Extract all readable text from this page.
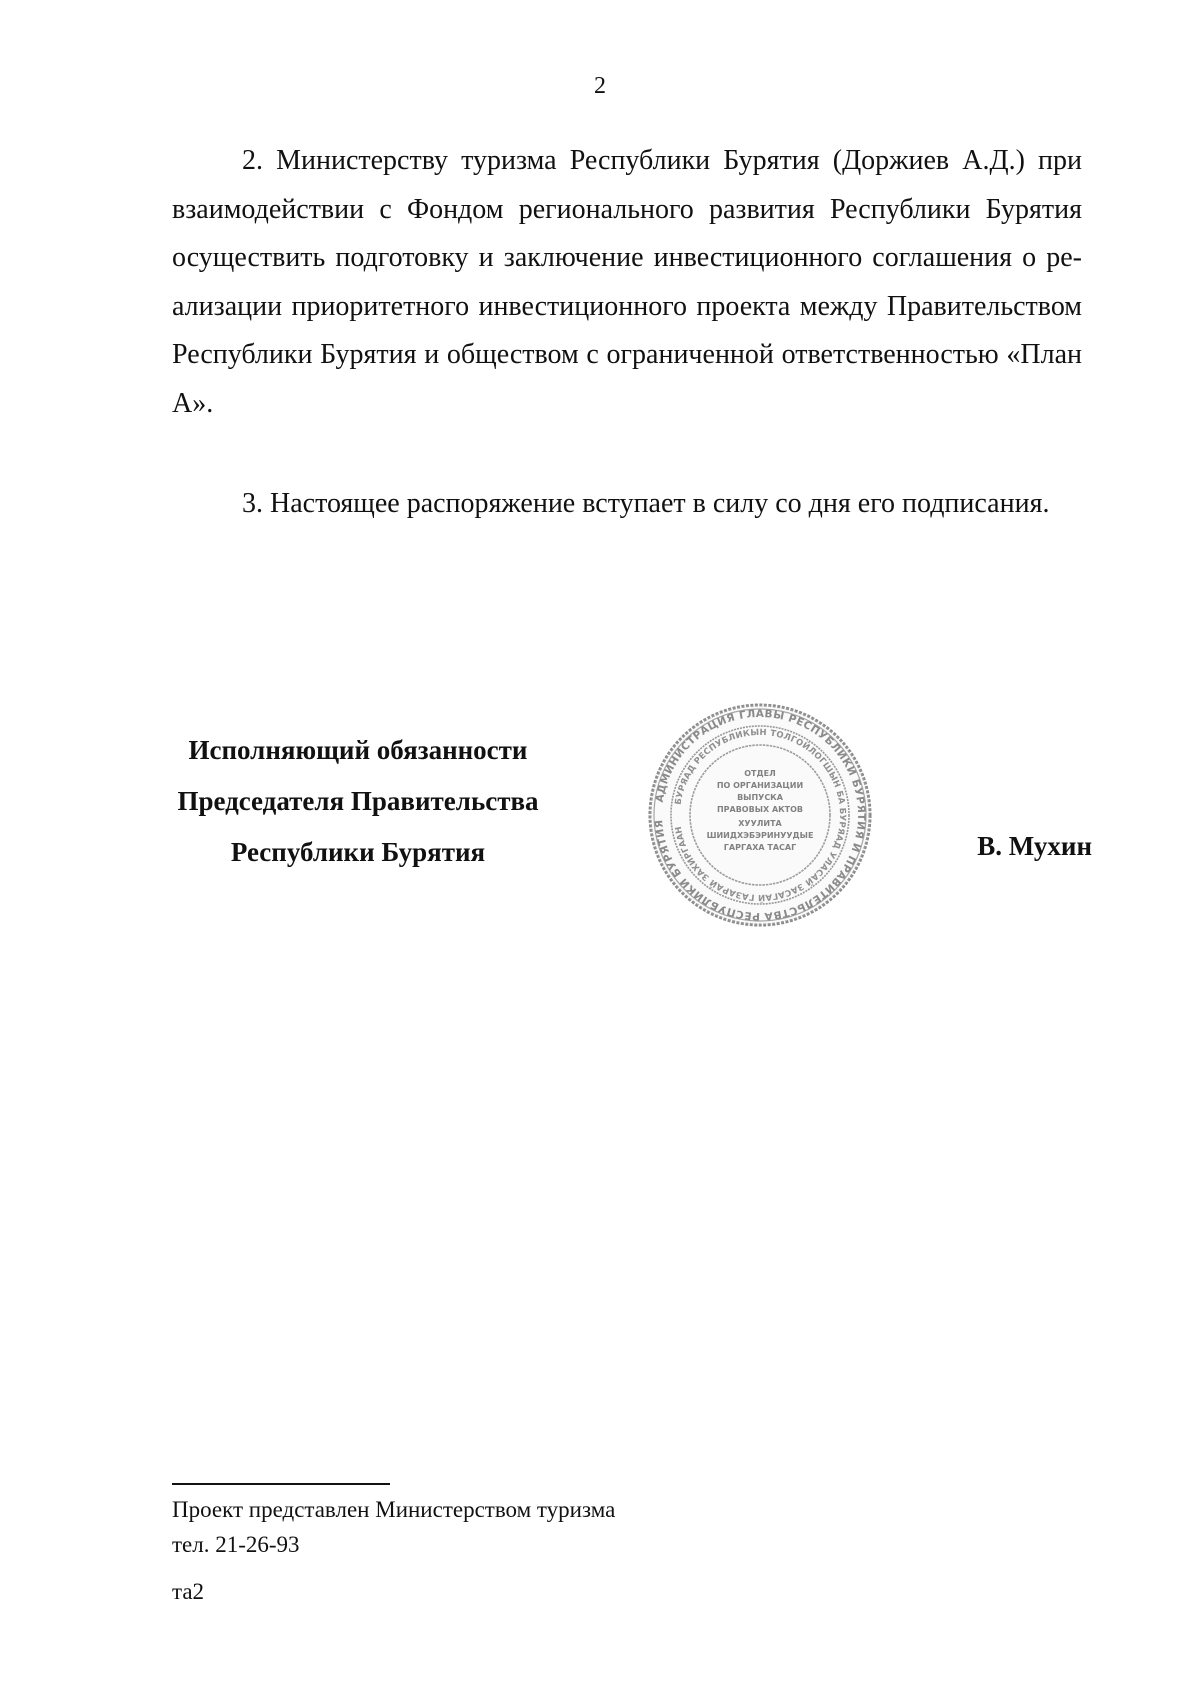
2

2. Министерству туризма Республики Бурятия (Доржиев А.Д.) при взаимодействии с Фондом регионального развития Республики Бурятия осуществить подготовку и заключение инвестиционного соглашения о реализации приоритетного инвестиционного проекта между Правительством Республики Бурятия и обществом с ограниченной ответственностью «План А».

3. Настоящее распоряжение вступает в силу со дня его подписания.

Исполняющий обязанности
Председателя Правительства
Республики Бурятия
АДМИНИСТРАЦИЯ ГЛАВЫ РЕСПУБЛИКИ БУРЯТИЯ И ПРАВИТЕЛЬСТВА РЕСПУБЛИКИ БУРЯТИЯ
БУРЯАД РЕСПУБЛИКЫН ТОЛГОЙЛОГШЫН БА БУРЯАД УЛАСАЙ ЗАСАГАЙ ГАЗАРАЙ ЗАХИРГААН
ОТДЕЛ
ПО ОРГАНИЗАЦИИ
ВЫПУСКА
ПРАВОВЫХ АКТОВ
ХУУЛИТА
ШИИДХЭБЭРИНУУДЫЕ
ГАРГАХА ТАСАГ	В. Мухин
Проект представлен Министерством туризма
тел. 21-26-93
та2
